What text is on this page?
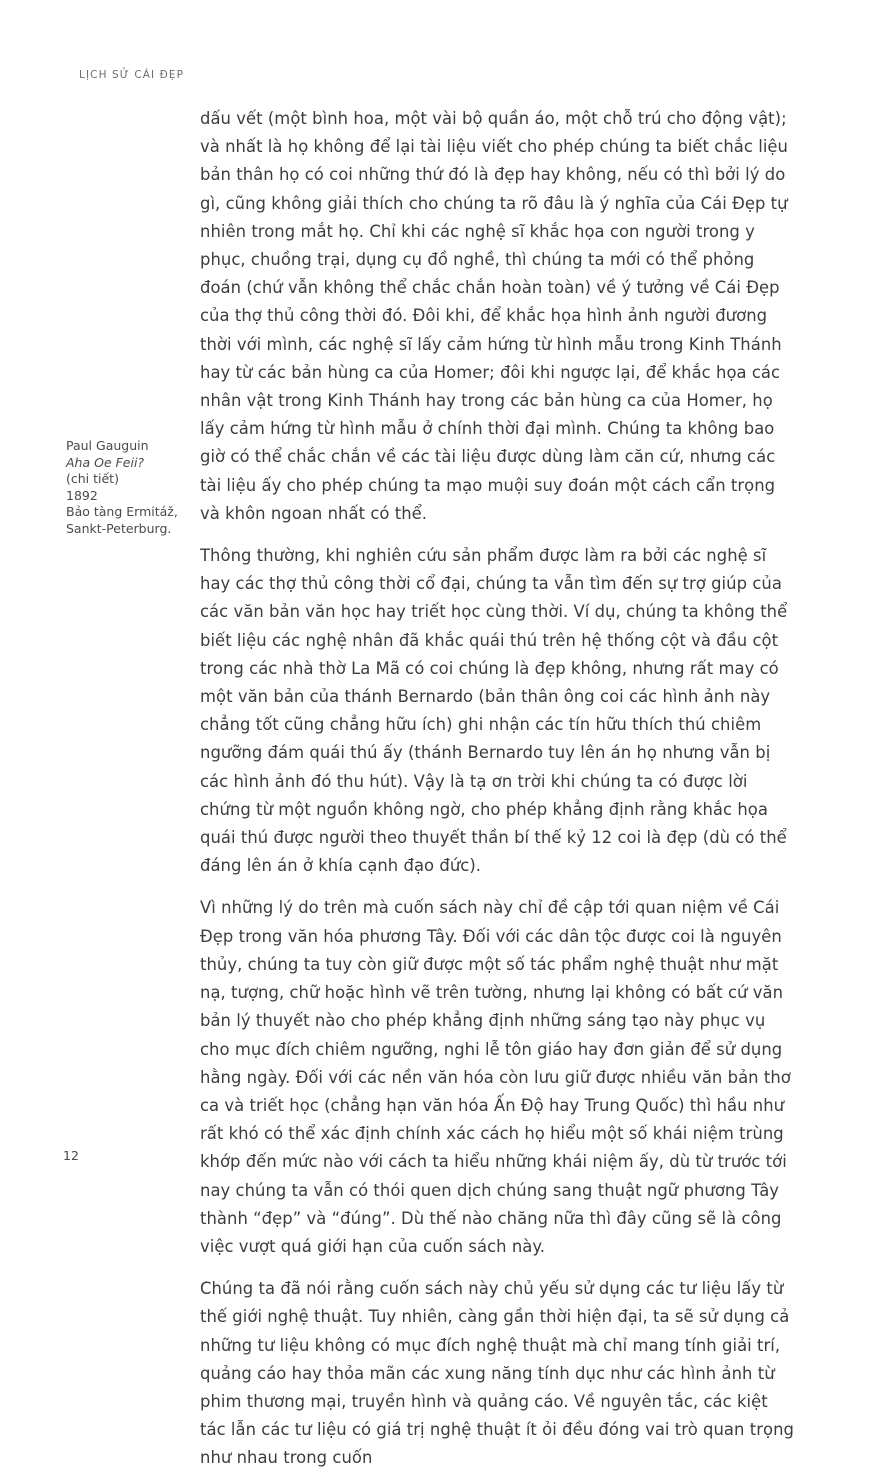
LỊCH SỬ CÁI ĐẸP
Paul Gauguin
Aha Oe Feii?
(chi tiết)
1892
Bảo tàng Ermitáž,
Sankt-Peterburg.

dấu vết (một bình hoa, một vài bộ quần áo, một chỗ trú cho động vật); và nhất là họ không để lại tài liệu viết cho phép chúng ta biết chắc liệu bản thân họ có coi những thứ đó là đẹp hay không, nếu có thì bởi lý do gì, cũng không giải thích cho chúng ta rõ đâu là ý nghĩa của Cái Đẹp tự nhiên trong mắt họ. Chỉ khi các nghệ sĩ khắc họa con người trong y phục, chuồng trại, dụng cụ đồ nghề, thì chúng ta mới có thể phỏng đoán (chứ vẫn không thể chắc chắn hoàn toàn) về ý tưởng về Cái Đẹp của thợ thủ công thời đó. Đôi khi, để khắc họa hình ảnh người đương thời với mình, các nghệ sĩ lấy cảm hứng từ hình mẫu trong Kinh Thánh hay từ các bản hùng ca của Homer; đôi khi ngược lại, để khắc họa các nhân vật trong Kinh Thánh hay trong các bản hùng ca của Homer, họ lấy cảm hứng từ hình mẫu ở chính thời đại mình. Chúng ta không bao giờ có thể chắc chắn về các tài liệu được dùng làm căn cứ, nhưng các tài liệu ấy cho phép chúng ta mạo muội suy đoán một cách cẩn trọng và khôn ngoan nhất có thể.

Thông thường, khi nghiên cứu sản phẩm được làm ra bởi các nghệ sĩ hay các thợ thủ công thời cổ đại, chúng ta vẫn tìm đến sự trợ giúp của các văn bản văn học hay triết học cùng thời. Ví dụ, chúng ta không thể biết liệu các nghệ nhân đã khắc quái thú trên hệ thống cột và đầu cột trong các nhà thờ La Mã có coi chúng là đẹp không, nhưng rất may có một văn bản của thánh Bernardo (bản thân ông coi các hình ảnh này chẳng tốt cũng chẳng hữu ích) ghi nhận các tín hữu thích thú chiêm ngưỡng đám quái thú ấy (thánh Bernardo tuy lên án họ nhưng vẫn bị các hình ảnh đó thu hút). Vậy là tạ ơn trời khi chúng ta có được lời chứng từ một nguồn không ngờ, cho phép khẳng định rằng khắc họa quái thú được người theo thuyết thần bí thế kỷ 12 coi là đẹp (dù có thể đáng lên án ở khía cạnh đạo đức).

Vì những lý do trên mà cuốn sách này chỉ đề cập tới quan niệm về Cái Đẹp trong văn hóa phương Tây. Đối với các dân tộc được coi là nguyên thủy, chúng ta tuy còn giữ được một số tác phẩm nghệ thuật như mặt nạ, tượng, chữ hoặc hình vẽ trên tường, nhưng lại không có bất cứ văn bản lý thuyết nào cho phép khẳng định những sáng tạo này phục vụ cho mục đích chiêm ngưỡng, nghi lễ tôn giáo hay đơn giản để sử dụng hằng ngày. Đối với các nền văn hóa còn lưu giữ được nhiều văn bản thơ ca và triết học (chẳng hạn văn hóa Ấn Độ hay Trung Quốc) thì hầu như rất khó có thể xác định chính xác cách họ hiểu một số khái niệm trùng khớp đến mức nào với cách ta hiểu những khái niệm ấy, dù từ trước tới nay chúng ta vẫn có thói quen dịch chúng sang thuật ngữ phương Tây thành “đẹp” và “đúng”. Dù thế nào chăng nữa thì đây cũng sẽ là công việc vượt quá giới hạn của cuốn sách này.

Chúng ta đã nói rằng cuốn sách này chủ yếu sử dụng các tư liệu lấy từ thế giới nghệ thuật. Tuy nhiên, càng gần thời hiện đại, ta sẽ sử dụng cả những tư liệu không có mục đích nghệ thuật mà chỉ mang tính giải trí, quảng cáo hay thỏa mãn các xung năng tính dục như các hình ảnh từ phim thương mại, truyền hình và quảng cáo. Về nguyên tắc, các kiệt tác lẫn các tư liệu có giá trị nghệ thuật ít ỏi đều đóng vai trò quan trọng như nhau trong cuốn

12
